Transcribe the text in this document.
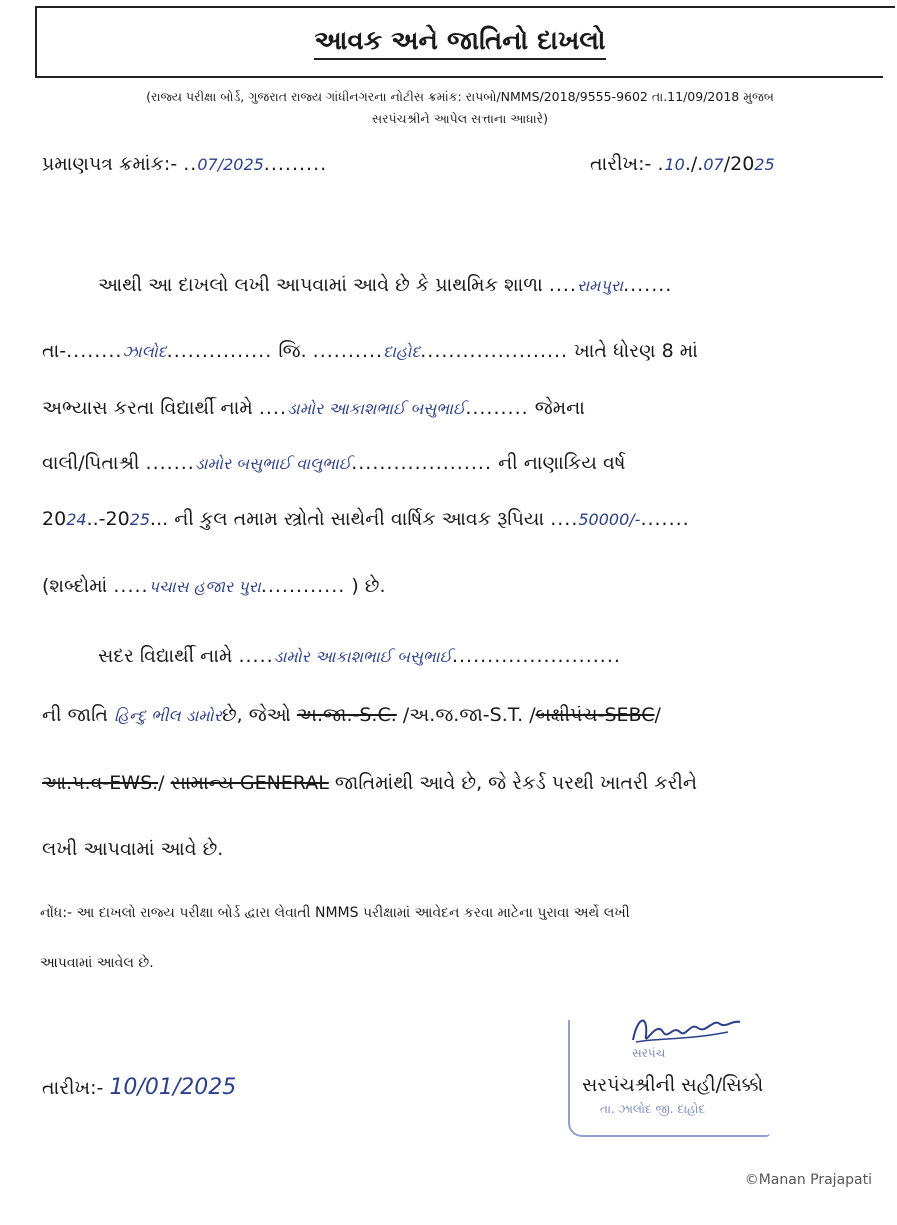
આવક અને જાતિનો દાખલો
(રાજ્ય પરીક્ષા બોર્ડ, ગુજરાત રાજ્ય ગાંધીનગરના નોટીસ ક્રમાંક: રાપબો/NMMS/2018/9555-9602 તા.11/09/2018 મુજબ
સરપંચશ્રીને આપેલ સત્તાના આધારે)
પ્રમાણપત્ર ક્રમાંક:- ..07/2025.........	તારીખ:- .10./.07/2025
આથી આ દાખલો લખી આપવામાં આવે છે કે પ્રાથમિક શાળા ....રામપુરા.......
તા-........ઝાલોદ............... જિ. ..........દાહોદ..................... ખાતે ધોરણ 8 માં
અભ્યાસ કરતા વિદ્યાર્થી નામે ....ડામોર આકાશભાઈ બસુભાઈ......... જેમના
વાલી/પિતાશ્રી .......ડામોર બસુભાઈ વાલુભાઈ.................... ની નાણાકિય વર્ષ
2024..-2025... ની કુલ તમામ સ્ત્રોતો સાથેની વાર્ષિક આવક રૂપિયા ....50000/-.......
(શબ્દોમાં .....પચાસ હજાર પુરા............ ) છે.
સદર વિદ્યાર્થી નામે .....ડામોર આકાશભાઈ બસુભાઈ........................
ની જાતિ હિન્દુ ભીલ ડામોરછે, જેઓ અ.જા.-S.C. /અ.જ.જા-S.T. /બક્ષીપંચ-SEBC/
આ.પ.વ-EWS./ સામાન્ય GENERAL જાતિમાંથી આવે છે, જે રેકર્ડ પરથી ખાતરી કરીને
લખી આપવામાં આવે છે.
નોંધ:- આ દાખલો રાજ્ય પરીક્ષા બોર્ડ દ્વારા લેવાતી NMMS પરીક્ષામાં આવેદન કરવા માટેના પુરાવા અર્થે લખી
આપવામાં આવેલ છે.
તારીખ:- 10/01/2025
સરપંચ
તા. ઝાલોદ જી. દાહોદ
સરપંચશ્રીની સહી/સિક્કો
©Manan Prajapati
